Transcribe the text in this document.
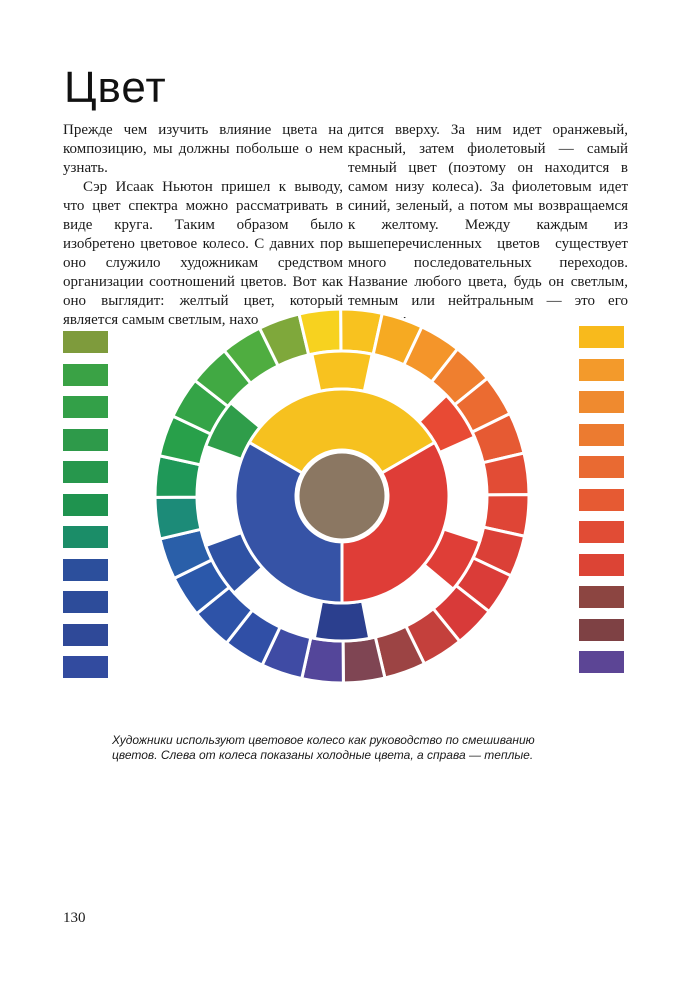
Цвет

Прежде чем изучить влияние цвета на композицию, мы должны побольше о нем узнать.

Сэр Исаак Ньютон пришел к выводу, что цвет спектра можно рассматривать в виде круга. Таким образом было изобретено цветовое колесо. С давних пор оно служило художникам средством организации соотношений цветов. Вот как оно выглядит: желтый цвет, который является самым светлым, нахо

дится вверху. За ним идет оранжевый, красный, затем фиолетовый — самый темный цвет (поэтому он находится в самом низу колеса). За фиолетовым идет синий, зеленый, а потом мы возвращаемся к желтому. Между каждым из вышеперечисленных цветов существует много последовательных переходов. Название любого цвета, будь он светлым, темным или нейтральным — это его

Художники используют цветовое колесо как руководство по смешиванию
цветов. Слева от колеса показаны холодные цвета, а справа — теплые.
130
